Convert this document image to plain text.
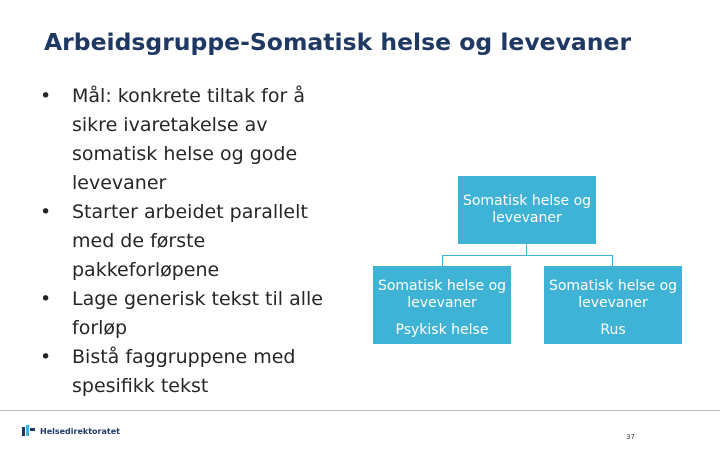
Arbeidsgruppe-Somatisk helse og levevaner
• Mål: konkrete tiltak for å sikre ivaretakelse av somatisk helse og gode levevaner
• Starter arbeidet parallelt med de første pakkeforløpene
• Lage generisk tekst til alle forløp
• Bistå faggruppene med spesifikk tekst
Somatisk helse og levevaner
Somatisk helse og levevaner
Psykisk helse
Somatisk helse og levevaner
Rus
Helsedirektoratet
37
